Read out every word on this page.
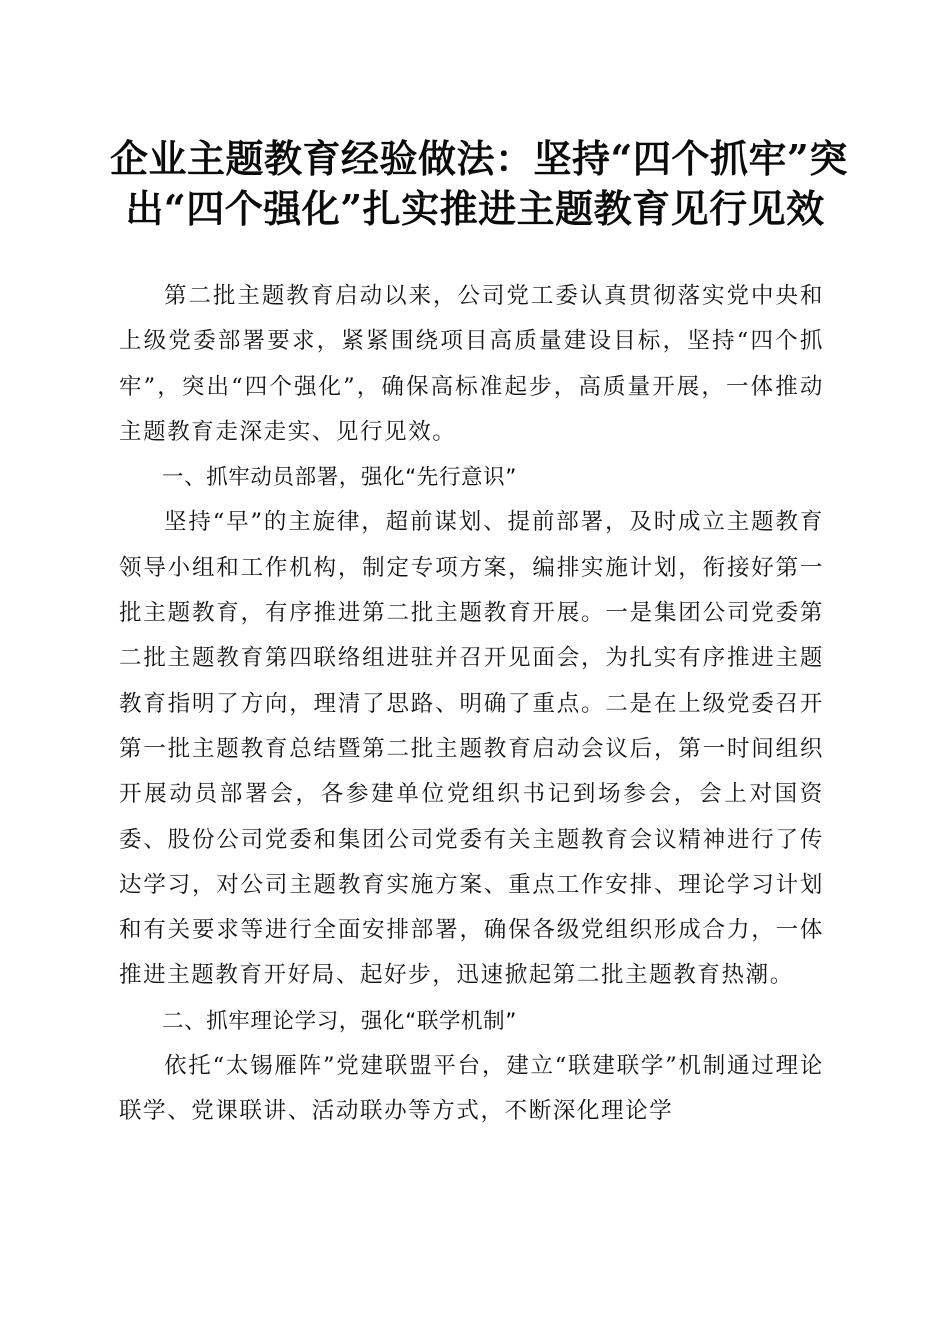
企业主题教育经验做法：坚持“四个抓牢”突
出“四个强化”扎实推进主题教育见行见效

第二批主题教育启动以来，公司党工委认真贯彻落实党中央和上级党委部署要求，紧紧围绕项目高质量建设目标，坚持“四个抓牢”，突出“四个强化”，确保高标准起步，高质量开展，一体推动主题教育走深走实、见行见效。

一、抓牢动员部署，强化“先行意识”

坚持“早”的主旋律，超前谋划、提前部署，及时成立主题教育领导小组和工作机构，制定专项方案，编排实施计划，衔接好第一批主题教育，有序推进第二批主题教育开展。一是集团公司党委第二批主题教育第四联络组进驻并召开见面会，为扎实有序推进主题教育指明了方向，理清了思路、明确了重点。二是在上级党委召开第一批主题教育总结暨第二批主题教育启动会议后，第一时间组织开展动员部署会，各参建单位党组织书记到场参会，会上对国资委、股份公司党委和集团公司党委有关主题教育会议精神进行了传达学习，对公司主题教育实施方案、重点工作安排、理论学习计划和有关要求等进行全面安排部署，确保各级党组织形成合力，一体推进主题教育开好局、起好步，迅速掀起第二批主题教育热潮。

二、抓牢理论学习，强化“联学机制”

依托“太锡雁阵”党建联盟平台，建立“联建联学”机制通过理论联学、党课联讲、活动联办等方式，不断深化理论学
